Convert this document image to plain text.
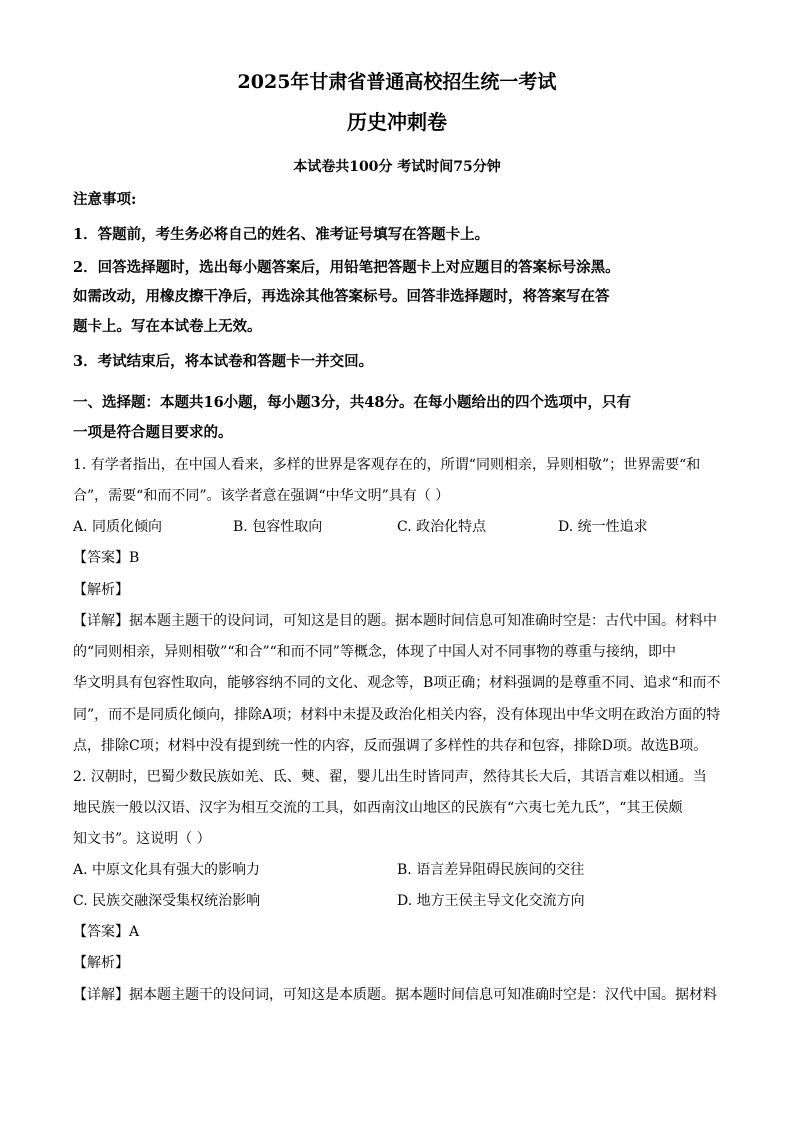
2025年甘肃省普通高校招生统一考试
历史冲刺卷
本试卷共100分 考试时间75分钟
注意事项:
1．答题前，考生务必将自己的姓名、准考证号填写在答题卡上。
2．回答选择题时，选出每小题答案后，用铅笔把答题卡上对应题目的答案标号涂黑。
如需改动，用橡皮擦干净后，再选涂其他答案标号。回答非选择题时，将答案写在答
题卡上。写在本试卷上无效。
3．考试结束后，将本试卷和答题卡一并交回。
一、选择题：本题共16小题，每小题3分，共48分。在每小题给出的四个选项中，只有
一项是符合题目要求的。
1. 有学者指出，在中国人看来，多样的世界是客观存在的，所谓“同则相亲，异则相敬”；世界需要“和
合”，需要“和而不同”。该学者意在强调“中华文明”具有（ ）
A. 同质化倾向	B. 包容性取向	C. 政治化特点	D. 统一性追求
【答案】B
【解析】
【详解】据本题主题干的设问词，可知这是目的题。据本题时间信息可知准确时空是：古代中国。材料中
的“同则相亲，异则相敬”“和合”“和而不同”等概念，体现了中国人对不同事物的尊重与接纳，即中
华文明具有包容性取向，能够容纳不同的文化、观念等，B项正确；材料强调的是尊重不同、追求“和而不
同”，而不是同质化倾向，排除A项；材料中未提及政治化相关内容，没有体现出中华文明在政治方面的特
点，排除C项；材料中没有提到统一性的内容，反而强调了多样性的共存和包容，排除D项。故选B项。
2. 汉朝时，巴蜀少数民族如羌、氐、僰、翟，婴儿出生时皆同声，然待其长大后，其语言难以相通。当
地民族一般以汉语、汉字为相互交流的工具，如西南汶山地区的民族有“六夷七羌九氐”，“其王侯颇
知文书”。这说明（ ）
A. 中原文化具有强大的影响力	B. 语言差异阻碍民族间的交往
C. 民族交融深受集权统治影响	D. 地方王侯主导文化交流方向
【答案】A
【解析】
【详解】据本题主题干的设问词，可知这是本质题。据本题时间信息可知准确时空是：汉代中国。据材料
